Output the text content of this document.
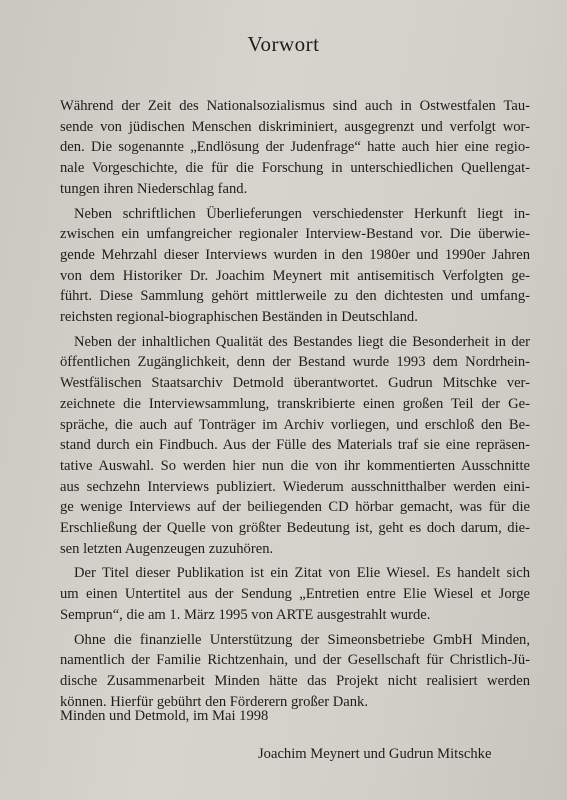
Vorwort
Während der Zeit des Nationalsozialismus sind auch in Ostwestfalen Tau-
sende von jüdischen Menschen diskriminiert, ausgegrenzt und verfolgt wor-
den. Die sogenannte „Endlösung der Judenfrage“ hatte auch hier eine regio-
nale Vorgeschichte, die für die Forschung in unterschiedlichen Quellengat-
tungen ihren Niederschlag fand.
Neben schriftlichen Überlieferungen verschiedenster Herkunft liegt in-
zwischen ein umfangreicher regionaler Interview-Bestand vor. Die überwie-
gende Mehrzahl dieser Interviews wurden in den 1980er und 1990er Jahren
von dem Historiker Dr. Joachim Meynert mit antisemitisch Verfolgten ge-
führt. Diese Sammlung gehört mittlerweile zu den dichtesten und umfang-
reichsten regional-biographischen Beständen in Deutschland.
Neben der inhaltlichen Qualität des Bestandes liegt die Besonderheit in der
öffentlichen Zugänglichkeit, denn der Bestand wurde 1993 dem Nordrhein-
Westfälischen Staatsarchiv Detmold überantwortet. Gudrun Mitschke ver-
zeichnete die Interviewsammlung, transkribierte einen großen Teil der Ge-
spräche, die auch auf Tonträger im Archiv vorliegen, und erschloß den Be-
stand durch ein Findbuch. Aus der Fülle des Materials traf sie eine repräsen-
tative Auswahl. So werden hier nun die von ihr kommentierten Ausschnitte
aus sechzehn Interviews publiziert. Wiederum ausschnitthalber werden eini-
ge wenige Interviews auf der beiliegenden CD hörbar gemacht, was für die
Erschließung der Quelle von größter Bedeutung ist, geht es doch darum, die-
sen letzten Augenzeugen zuzuhören.
Der Titel dieser Publikation ist ein Zitat von Elie Wiesel. Es handelt sich
um einen Untertitel aus der Sendung „Entretien entre Elie Wiesel et Jorge
Semprun“, die am 1. März 1995 von ARTE ausgestrahlt wurde.
Ohne die finanzielle Unterstützung der Simeonsbetriebe GmbH Minden,
namentlich der Familie Richtzenhain, und der Gesellschaft für Christlich-Jü-
dische Zusammenarbeit Minden hätte das Projekt nicht realisiert werden
können. Hierfür gebührt den Förderern großer Dank.

Minden und Detmold, im Mai 1998

Joachim Meynert und Gudrun Mitschke
